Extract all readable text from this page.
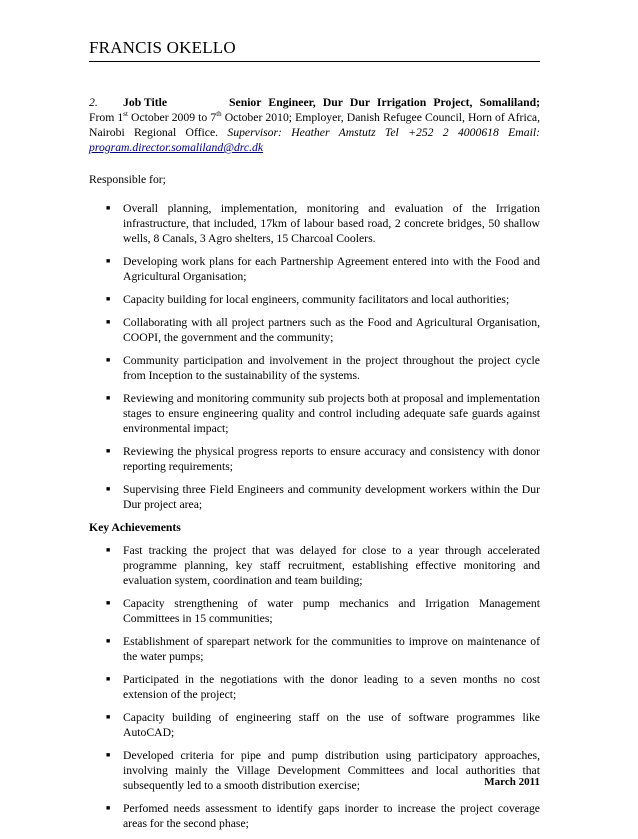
FRANCIS OKELLO

2. Job Title	Senior Engineer, Dur Dur Irrigation Project, Somaliland; From 1st October 2009 to 7th October 2010; Employer, Danish Refugee Council, Horn of Africa, Nairobi Regional Office. Supervisor: Heather Amstutz Tel +252 2 4000618 Email: program.director.somaliland@drc.dk

Responsible for;
■ Overall planning, implementation, monitoring and evaluation of the Irrigation infrastructure, that included, 17km of labour based road, 2 concrete bridges, 50 shallow wells, 8 Canals, 3 Agro shelters, 15 Charcoal Coolers.
■ Developing work plans for each Partnership Agreement entered into with the Food and Agricultural Organisation;
■ Capacity building for local engineers, community facilitators and local authorities;
■ Collaborating with all project partners such as the Food and Agricultural Organisation, COOPI, the government and the community;
■ Community participation and involvement in the project throughout the project cycle from Inception to the sustainability of the systems.
■ Reviewing and monitoring community sub projects both at proposal and implementation stages to ensure engineering quality and control including adequate safe guards against environmental impact;
■ Reviewing the physical progress reports to ensure accuracy and consistency with donor reporting requirements;
■ Supervising three Field Engineers and community development workers within the Dur Dur project area;
Key Achievements
■ Fast tracking the project that was delayed for close to a year through accelerated programme planning, key staff recruitment, establishing effective monitoring and evaluation system, coordination and team building;
■ Capacity strengthening of water pump mechanics and Irrigation Management Committees in 15 communities;
■ Establishment of sparepart network for the communities to improve on maintenance of the water pumps;
■ Participated in the negotiations with the donor leading to a seven months no cost extension of the project;
■ Capacity building of engineering staff on the use of software programmes like AutoCAD;
■ Developed criteria for pipe and pump distribution using participatory approaches, involving mainly the Village Development Committees and local authorities that subsequently led to a smooth distribution exercise;
■ Perfomed needs assessment to identify gaps inorder to increase the project coverage areas for the second phase;
March 2011
